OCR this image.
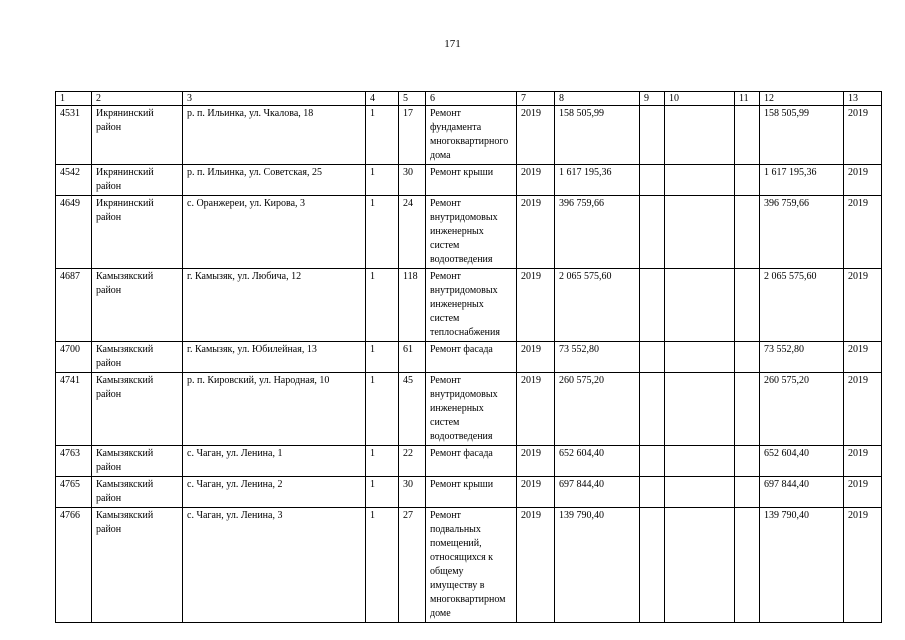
171
1	2	3	4	5	6	7	8	9	10	11	12	13
4531	Икрянинский район	р. п. Ильинка, ул. Чкалова, 18	1	17	Ремонт фундамента многоквартирного дома	2019	158 505,99				158 505,99	2019
4542	Икрянинский район	р. п. Ильинка, ул. Советская, 25	1	30	Ремонт крыши	2019	1 617 195,36				1 617 195,36	2019
4649	Икрянинский район	с. Оранжереи, ул. Кирова, 3	1	24	Ремонт внутридомовых инженерных систем водоотведения	2019	396 759,66				396 759,66	2019
4687	Камызякский район	г. Камызяк, ул. Любича, 12	1	118	Ремонт внутридомовых инженерных систем теплоснабжения	2019	2 065 575,60				2 065 575,60	2019
4700	Камызякский район	г. Камызяк, ул. Юбилейная, 13	1	61	Ремонт фасада	2019	73 552,80				73 552,80	2019
4741	Камызякский район	р. п. Кировский, ул. Народная, 10	1	45	Ремонт внутридомовых инженерных систем водоотведения	2019	260 575,20				260 575,20	2019
4763	Камызякский район	с. Чаган, ул. Ленина, 1	1	22	Ремонт фасада	2019	652 604,40				652 604,40	2019
4765	Камызякский район	с. Чаган, ул. Ленина, 2	1	30	Ремонт крыши	2019	697 844,40				697 844,40	2019
4766	Камызякский район	с. Чаган, ул. Ленина, 3	1	27	Ремонт подвальных помещений, относящихся к общему имуществу в многоквартирном доме	2019	139 790,40				139 790,40	2019
